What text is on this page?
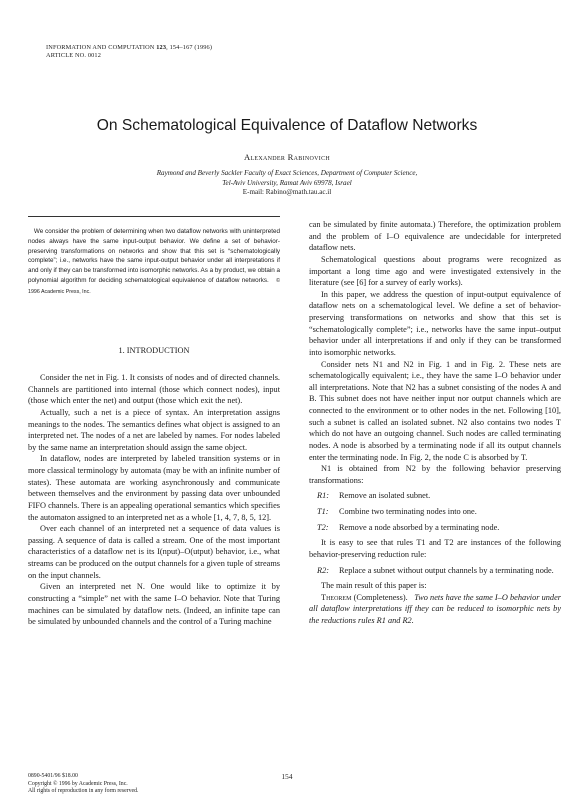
INFORMATION AND COMPUTATION 123, 154–167 (1996)
ARTICLE NO. 0012
On Schematological Equivalence of Dataflow Networks
Alexander Rabinovich
Raymond and Beverly Sackler Faculty of Exact Sciences, Department of Computer Science,
Tel-Aviv University, Ramat Aviv 69978, Israel
E-mail: Rabino@math.tau.ac.il
We consider the problem of determining when two dataflow networks with uninterpreted nodes always have the same input-output behavior. We define a set of behavior-preserving transformations on networks and show that this set is “schematologically complete”; i.e., networks have the same input-output behavior under all interpretations if and only if they can be transformed into isomorphic networks. As a by product, we obtain a polynomial algorithm for deciding schematological equivalence of dataflow networks. © 1996 Academic Press, Inc.
1. INTRODUCTION

Consider the net in Fig. 1. It consists of nodes and of directed channels. Channels are partitioned into internal (those which connect nodes), input (those which enter the net) and output (those which exit the net).

Actually, such a net is a piece of syntax. An interpretation assigns meanings to the nodes. The semantics defines what object is assigned to an interpreted net. The nodes of a net are labeled by names. For nodes labeled by the same name an interpretation should assign the same object.

In dataflow, nodes are interpreted by labeled transition systems or in more classical terminology by automata (may be with an infinite number of states). These automata are working asynchronously and communicate between themselves and the environment by passing data over unbounded FIFO channels. There is an appealing operational semantics which specifies the automaton assigned to an interpreted net as a whole [1, 4, 7, 8, 5, 12].

Over each channel of an interpreted net a sequence of data values is passing. A sequence of data is called a stream. One of the most important characteristics of a dataflow net is its I(nput)–O(utput) behavior, i.e., what streams can be produced on the output channels for a given tuple of streams on the input channels.

Given an interpreted net N. One would like to optimize it by constructing a “simple” net with the same I–O behavior. Note that Turing machines can be simulated by dataflow nets. (Indeed, an infinite tape can be simulated by unbounded channels and the control of a Turing machine

can be simulated by finite automata.) Therefore, the optimization problem and the problem of I–O equivalence are undecidable for interpreted dataflow nets.

Schematological questions about programs were recognized as important a long time ago and were investigated extensively in the literature (see [6] for a survey of early works).

In this paper, we address the question of input-output equivalence of dataflow nets on a schematological level. We define a set of behavior-preserving transformations on networks and show that this set is “schematologically complete”; i.e., networks have the same input–output behavior under all interpretations if and only if they can be transformed into isomorphic networks.

Consider nets N1 and N2 in Fig. 1 and in Fig. 2. These nets are schematologically equivalent; i.e., they have the same I–O behavior under all interpretations. Note that N2 has a subnet consisting of the nodes A and B. This subnet does not have neither input nor output channels which are connected to the environment or to other nodes in the net. Following [10], such a subnet is called an isolated subnet. N2 also contains two nodes T which do not have an outgoing channel. Such nodes are called terminating nodes. A node is absorbed by a terminating node if all its output channels enter the terminating node. In Fig. 2, the node C is absorbed by T.

N1 is obtained from N2 by the following behavior preserving transformations:

R1: Remove an isolated subnet.

T1: Combine two terminating nodes into one.

T2: Remove a node absorbed by a terminating node.

It is easy to see that rules T1 and T2 are instances of the following behavior-preserving reduction rule:

R2: Replace a subnet without output channels by a terminating node.

The main result of this paper is:

Theorem (Completeness). Two nets have the same I–O behavior under all dataflow interpretations iff they can be reduced to isomorphic nets by the reductions rules R1 and R2.

154
0890-5401/96 $18.00
Copyright © 1996 by Academic Press, Inc.
All rights of reproduction in any form reserved.
